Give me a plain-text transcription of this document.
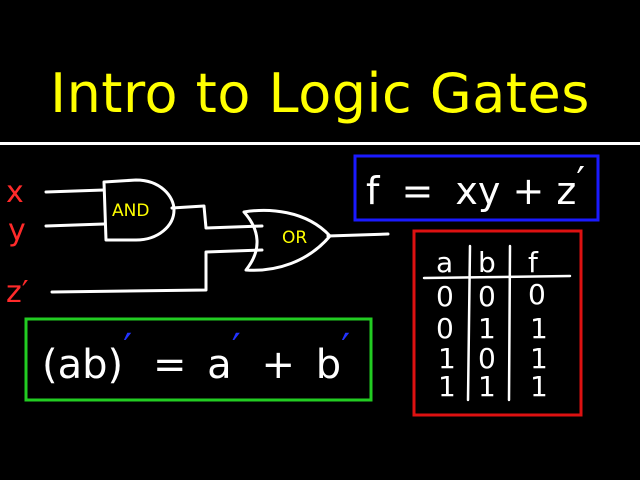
Intro to Logic Gates
x
y
z′
AND
OR
f = xy + z′
(ab)′ = a′ + b′
a b f
0 0 0
0 1 1
1 0 1
1 1 1
